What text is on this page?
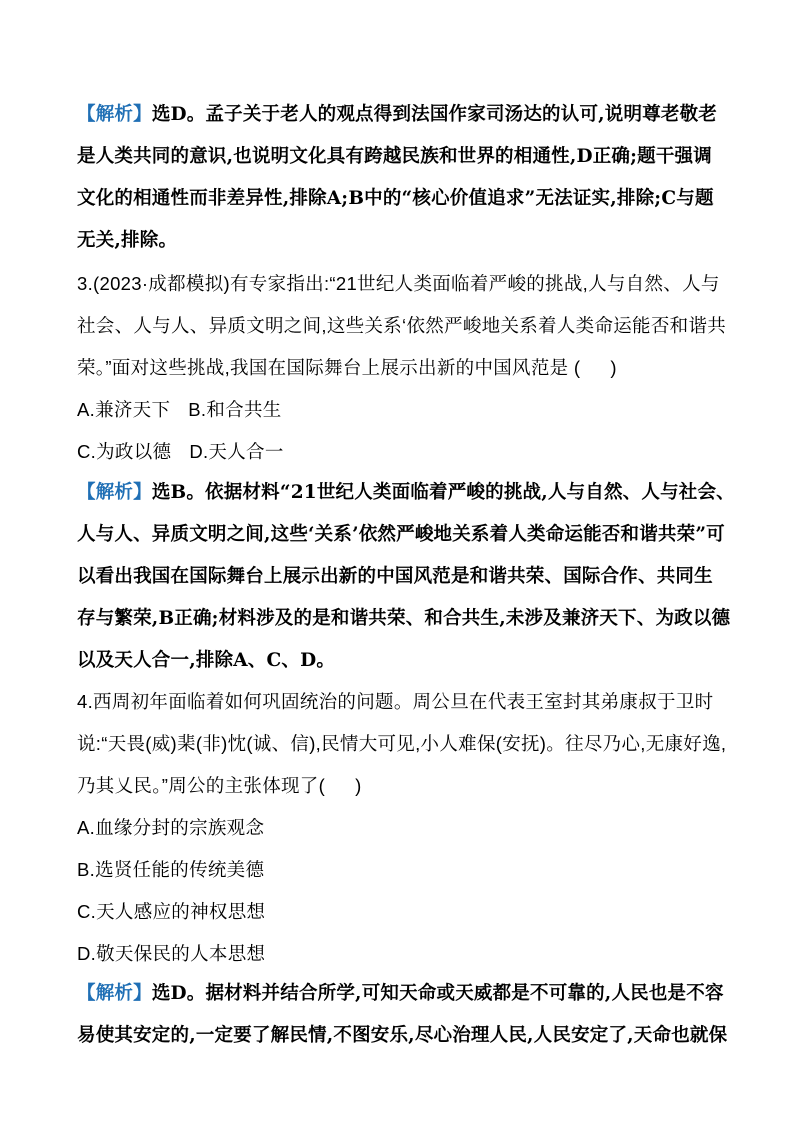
【解析】选D。孟子关于老人的观点得到法国作家司汤达的认可,说明尊老敬老
是人类共同的意识,也说明文化具有跨越民族和世界的相通性,D正确;题干强调
文化的相通性而非差异性,排除A;B中的“核心价值追求”无法证实,排除;C与题
无关,排除。
3.(2023·成都模拟)有专家指出:“21世纪人类面临着严峻的挑战,人与自然、人与
社会、人与人、异质文明之间,这些关系‘依然严峻地关系着人类命运能否和谐共
荣。”面对这些挑战,我国在国际舞台上展示出新的中国风范是 ( )
A.兼济天下 B.和合共生
C.为政以德 D.天人合一
【解析】选B。依据材料“21世纪人类面临着严峻的挑战,人与自然、人与社会、
人与人、异质文明之间,这些‘关系’依然严峻地关系着人类命运能否和谐共荣”可
以看出我国在国际舞台上展示出新的中国风范是和谐共荣、国际合作、共同生
存与繁荣,B正确;材料涉及的是和谐共荣、和合共生,未涉及兼济天下、为政以德
以及天人合一,排除A、C、D。
4.西周初年面临着如何巩固统治的问题。周公旦在代表王室封其弟康叔于卫时
说:“天畏(威)棐(非)忱(诚、信),民情大可见,小人难保(安抚)。往尽乃心,无康好逸,
乃其乂民。”周公的主张体现了( )
A.血缘分封的宗族观念
B.选贤任能的传统美德
C.天人感应的神权思想
D.敬天保民的人本思想
【解析】选D。据材料并结合所学,可知天命或天威都是不可靠的,人民也是不容
易使其安定的,一定要了解民情,不图安乐,尽心治理人民,人民安定了,天命也就保
